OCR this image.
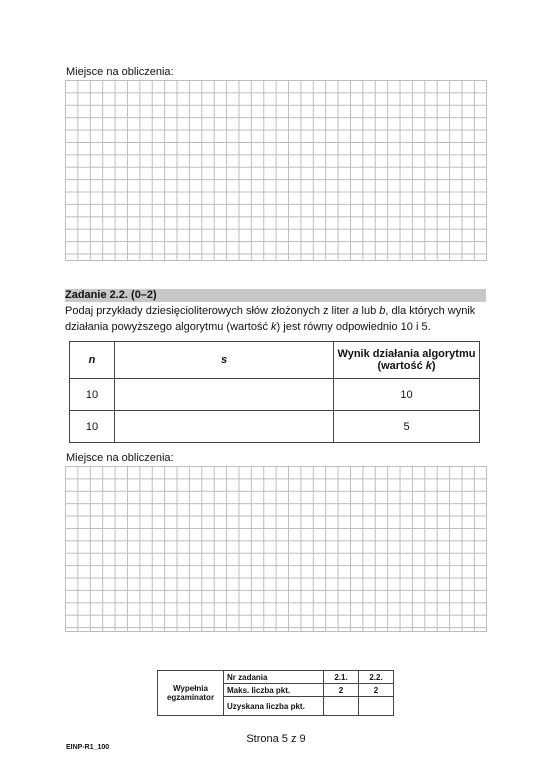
Miejsce na obliczenia:
Zadanie 2.2. (0–2)
Podaj przykłady dziesięcioliterowych słów złożonych z liter a lub b, dla których wynik
działania powyższego algorytmu (wartość k) jest równy odpowiednio 10 i 5.
n	s	Wynik działania algorytmu
(wartość k)
10		10
10		5
Miejsce na obliczenia:
Wypełnia
egzaminator	Nr zadania	2.1.	2.2.
	Maks. liczba pkt.	2	2
	Uzyskana liczba pkt.		
Strona 5 z 9
EINP-R1_100
